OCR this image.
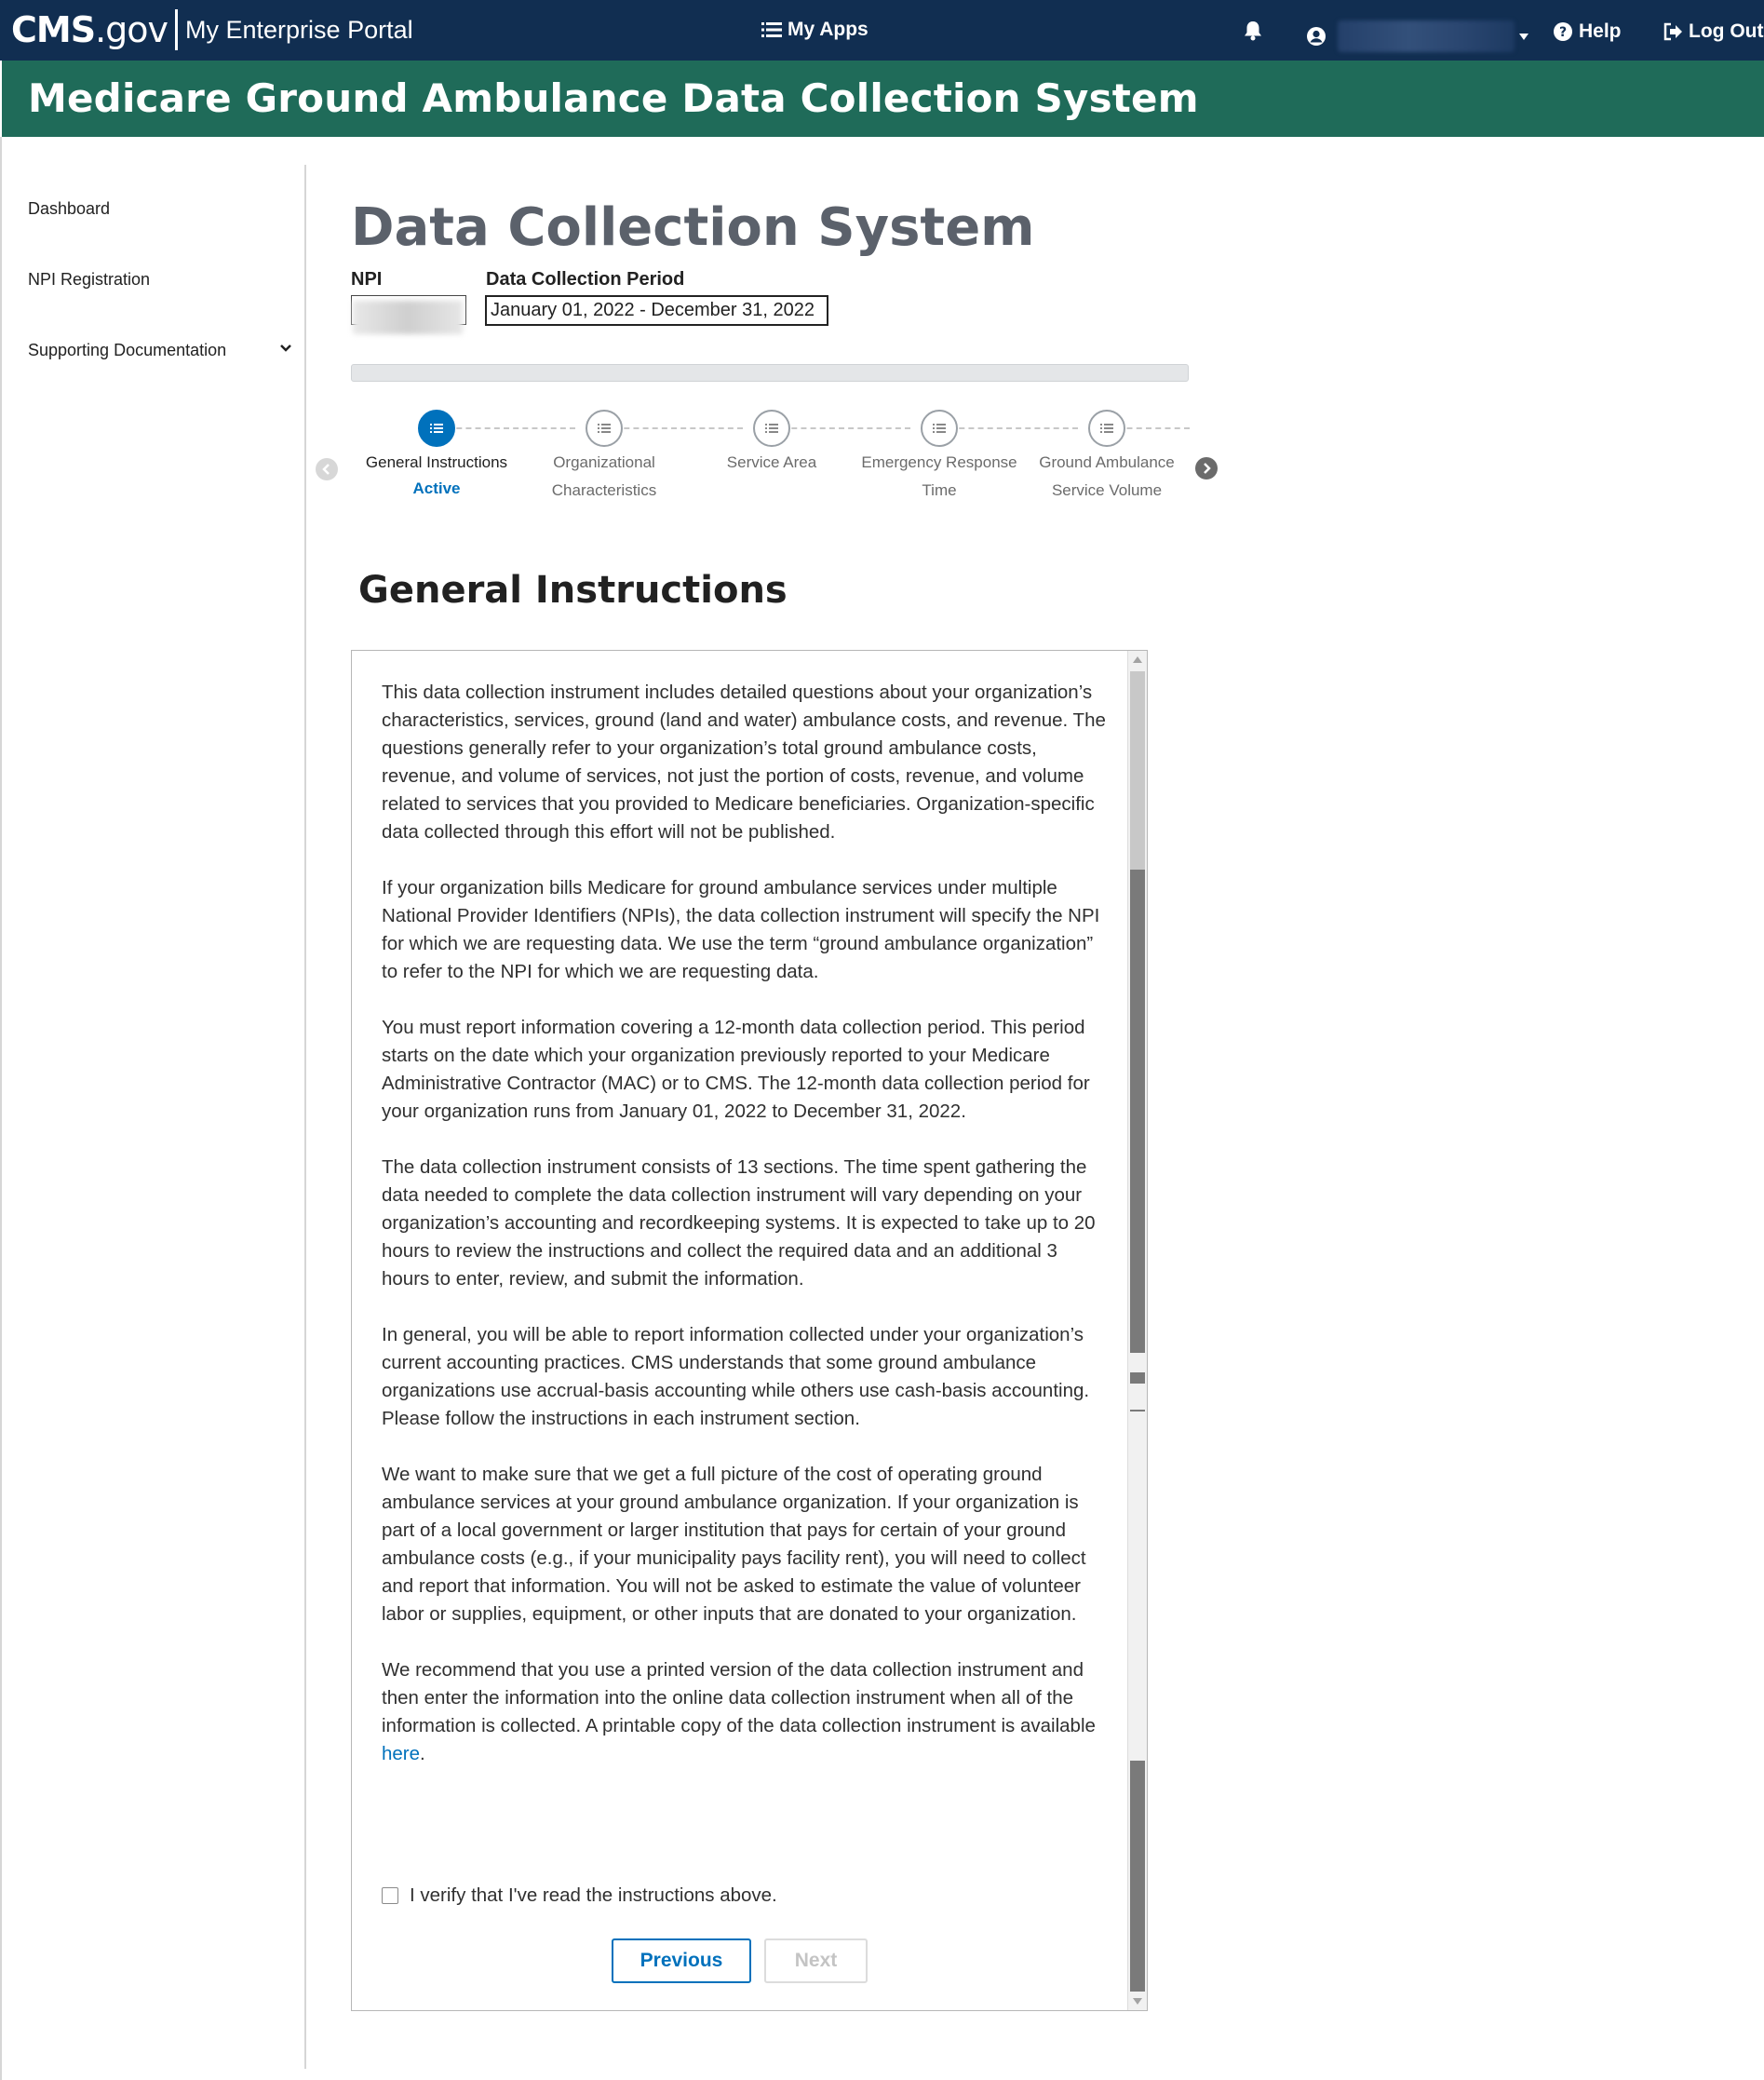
CMS.gov My Enterprise Portal	My Apps	? Help	Log Out
Medicare Ground Ambulance Data Collection System
Dashboard
NPI Registration
Supporting Documentation
Data Collection System
NPI	Data Collection Period
January 01, 2022 - December 31, 2022
General Instructions
Active
Organizational
Characteristics
Service Area	Emergency Response
Time
Ground Ambulance
Service Volume
General Instructions

This data collection instrument includes detailed questions about your organization’s characteristics, services, ground (land and water) ambulance costs, and revenue. The questions generally refer to your organization’s total ground ambulance costs, revenue, and volume of services, not just the portion of costs, revenue, and volume related to services that you provided to Medicare beneficiaries. Organization-specific data collected through this effort will not be published.

If your organization bills Medicare for ground ambulance services under multiple National Provider Identifiers (NPIs), the data collection instrument will specify the NPI for which we are requesting data. We use the term “ground ambulance organization” to refer to the NPI for which we are requesting data.

You must report information covering a 12-month data collection period. This period starts on the date which your organization previously reported to your Medicare Administrative Contractor (MAC) or to CMS. The 12-month data collection period for your organization runs from January 01, 2022 to December 31, 2022.

The data collection instrument consists of 13 sections. The time spent gathering the data needed to complete the data collection instrument will vary depending on your organization’s accounting and recordkeeping systems. It is expected to take up to 20 hours to review the instructions and collect the required data and an additional 3 hours to enter, review, and submit the information.

In general, you will be able to report information collected under your organization’s current accounting practices. CMS understands that some ground ambulance organizations use accrual-basis accounting while others use cash-basis accounting. Please follow the instructions in each instrument section.

We want to make sure that we get a full picture of the cost of operating ground ambulance services at your ground ambulance organization. If your organization is part of a local government or larger institution that pays for certain of your ground ambulance costs (e.g., if your municipality pays facility rent), you will need to collect and report that information. You will not be asked to estimate the value of volunteer labor or supplies, equipment, or other inputs that are donated to your organization.

We recommend that you use a printed version of the data collection instrument and then enter the information into the online data collection instrument when all of the information is collected. A printable copy of the data collection instrument is available here.

I verify that I've read the instructions above.
Previous	Next
